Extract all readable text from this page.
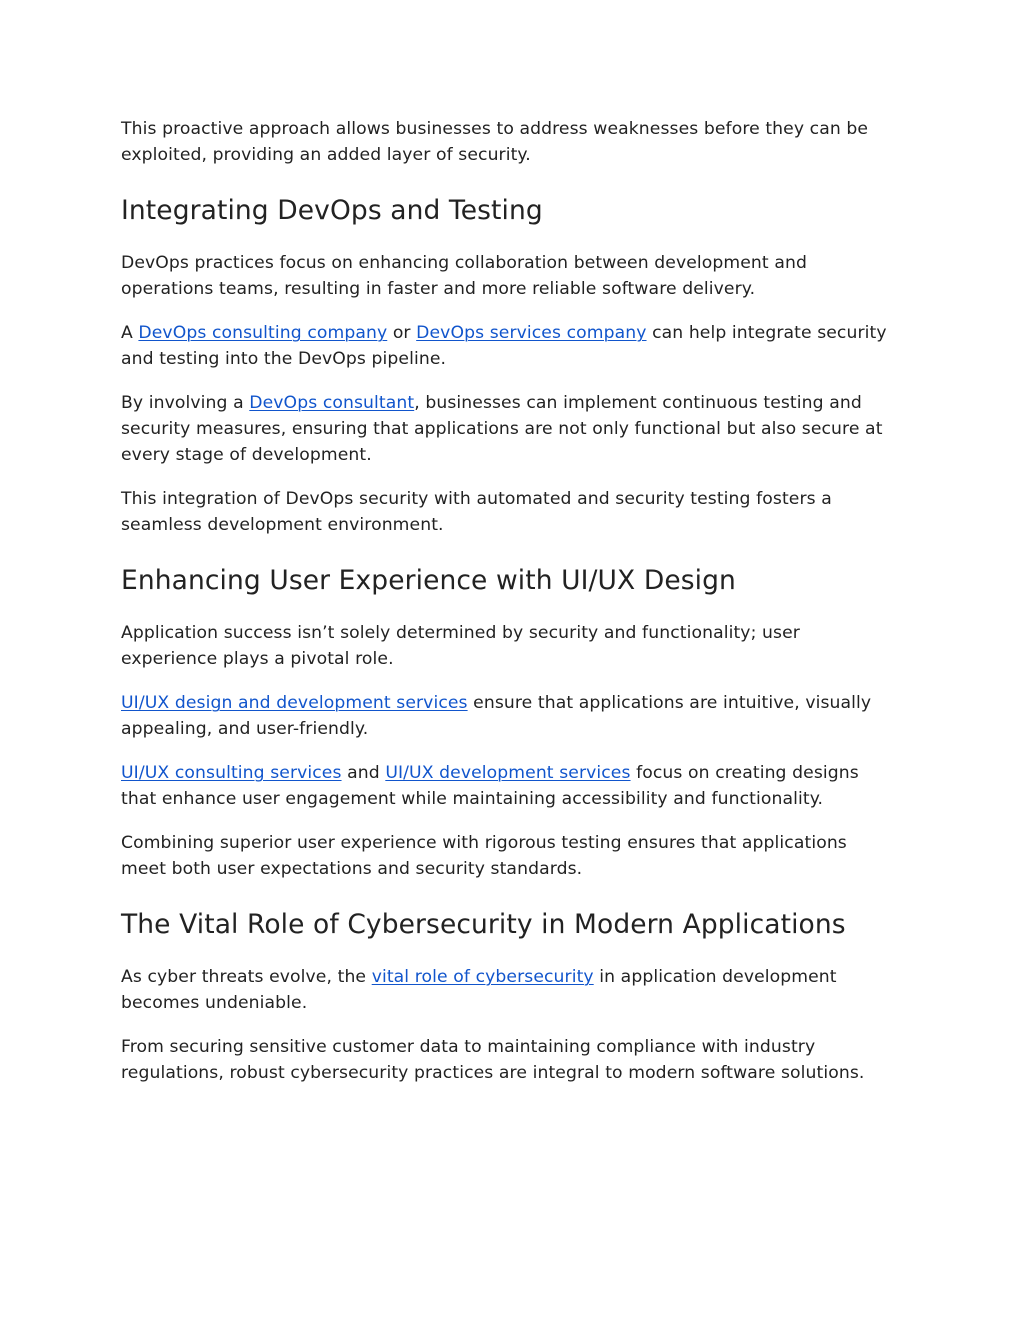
This proactive approach allows businesses to address weaknesses before they can be exploited, providing an added layer of security.

Integrating DevOps and Testing

DevOps practices focus on enhancing collaboration between development and operations teams, resulting in faster and more reliable software delivery.

A DevOps consulting company or DevOps services company can help integrate security and testing into the DevOps pipeline.

By involving a DevOps consultant, businesses can implement continuous testing and security measures, ensuring that applications are not only functional but also secure at every stage of development.

This integration of DevOps security with automated and security testing fosters a seamless development environment.

Enhancing User Experience with UI/UX Design

Application success isn’t solely determined by security and functionality; user experience plays a pivotal role.

UI/UX design and development services ensure that applications are intuitive, visually appealing, and user-friendly.

UI/UX consulting services and UI/UX development services focus on creating designs that enhance user engagement while maintaining accessibility and functionality.

Combining superior user experience with rigorous testing ensures that applications meet both user expectations and security standards.

The Vital Role of Cybersecurity in Modern Applications

As cyber threats evolve, the vital role of cybersecurity in application development becomes undeniable.

From securing sensitive customer data to maintaining compliance with industry regulations, robust cybersecurity practices are integral to modern software solutions.
